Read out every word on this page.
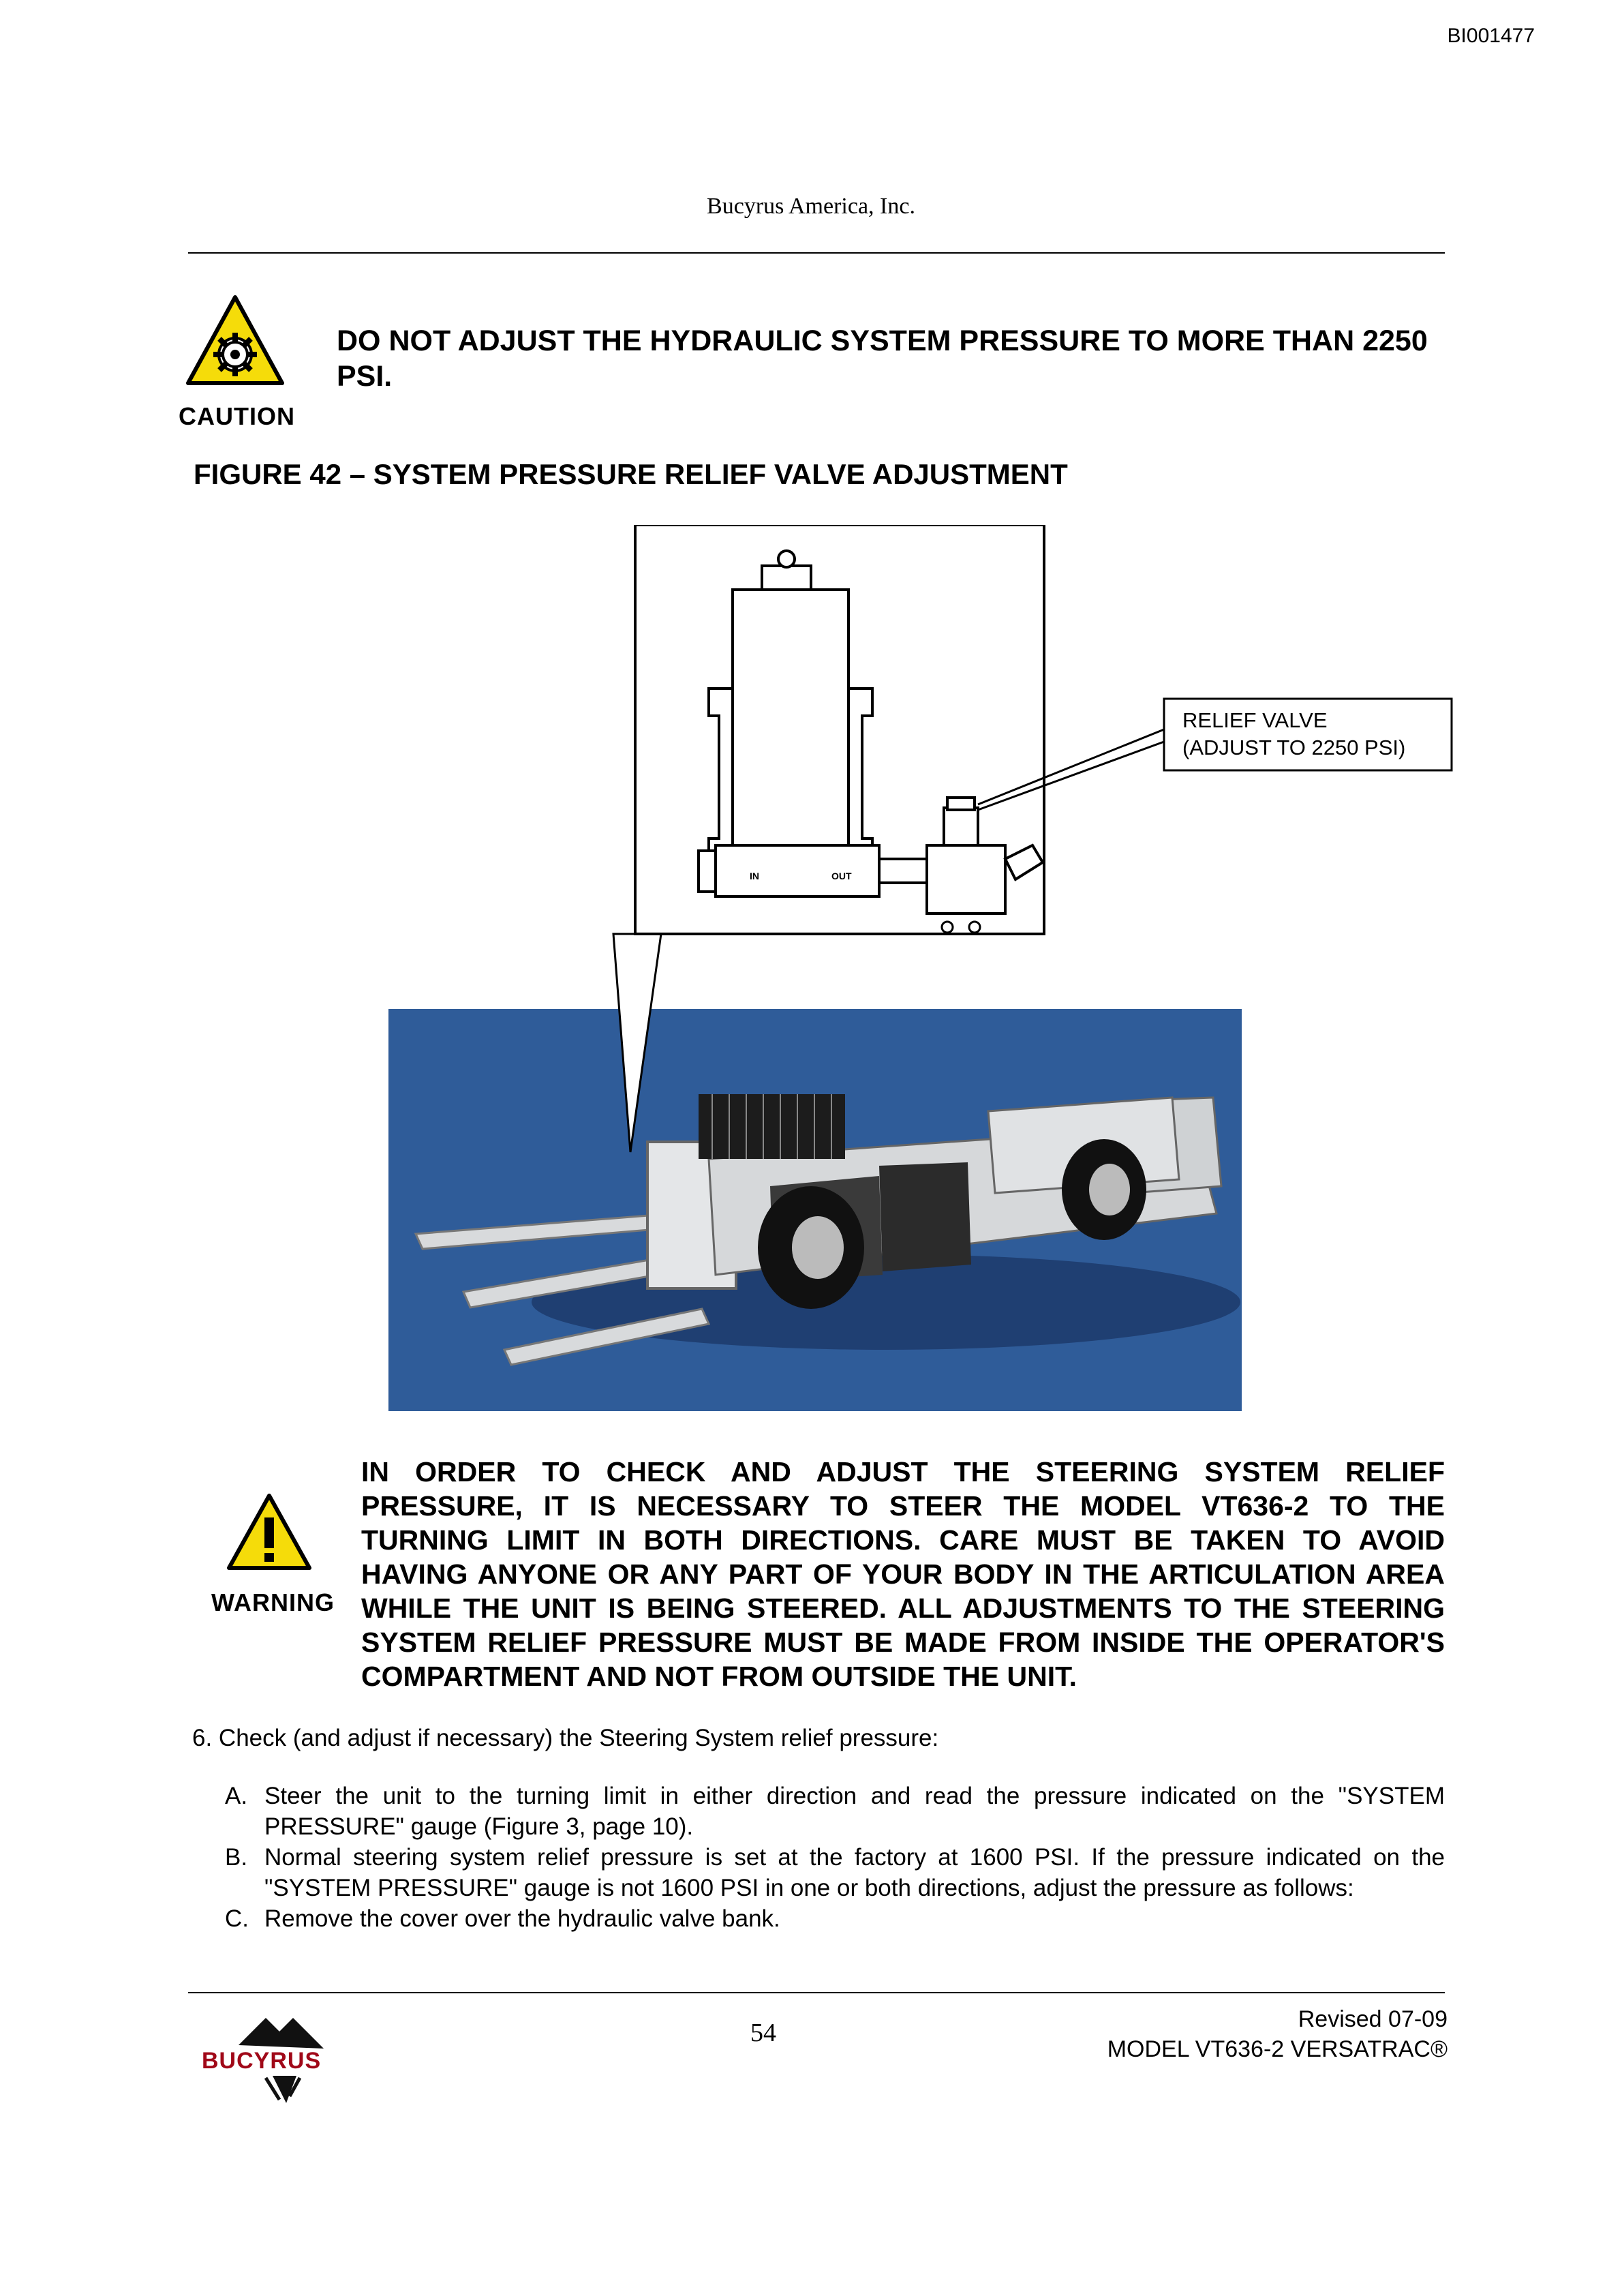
BI001477
Bucyrus America, Inc.
CAUTION
DO NOT ADJUST THE HYDRAULIC SYSTEM PRESSURE TO MORE THAN 2250 PSI.
FIGURE 42 – SYSTEM PRESSURE RELIEF VALVE ADJUSTMENT
IN	OUT
RELIEF VALVE
(ADJUST TO 2250 PSI)
WARNING
IN ORDER TO CHECK AND ADJUST THE STEERING SYSTEM RELIEF PRESSURE, IT IS NECESSARY TO STEER THE MODEL VT636-2 TO THE TURNING LIMIT IN BOTH DIRECTIONS. CARE MUST BE TAKEN TO AVOID HAVING ANYONE OR ANY PART OF YOUR BODY IN THE ARTICULATION AREA WHILE THE UNIT IS BEING STEERED. ALL ADJUSTMENTS TO THE STEERING SYSTEM RELIEF PRESSURE MUST BE MADE FROM INSIDE THE OPERATOR'S COMPARTMENT AND NOT FROM OUTSIDE THE UNIT.
6. Check (and adjust if necessary) the Steering System relief pressure:
A. Steer the unit to the turning limit in either direction and read the pressure indicated on the "SYSTEM PRESSURE" gauge (Figure 3, page 10).
B. Normal steering system relief pressure is set at the factory at 1600 PSI. If the pressure indicated on the "SYSTEM PRESSURE" gauge is not 1600 PSI in one or both directions, adjust the pressure as follows:
C. Remove the cover over the hydraulic valve bank.
54	Revised 07-09
MODEL VT636-2 VERSATRAC®
BUCYRUS
